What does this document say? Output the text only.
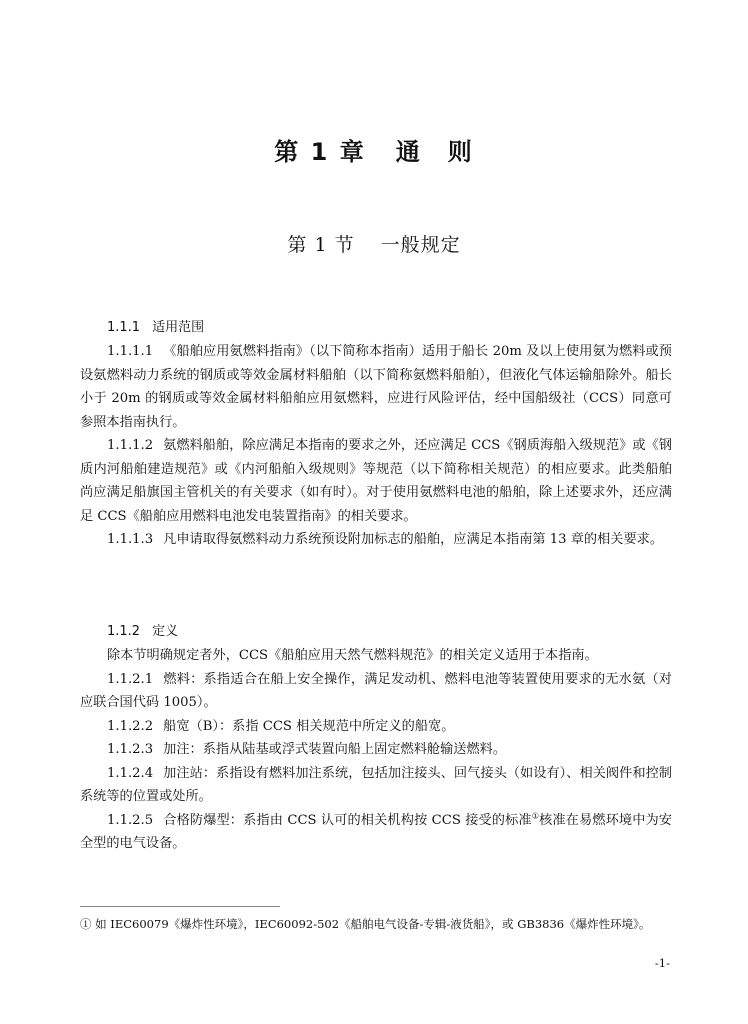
第 1 章 通　则
第 1 节 一般规定
1.1.1 适用范围

1.1.1.1 《船舶应用氨燃料指南》（以下简称本指南）适用于船长 20m 及以上使用氨为燃料或预设氨燃料动力系统的钢质或等效金属材料船舶（以下简称氨燃料船舶），但液化气体运输船除外。船长小于 20m 的钢质或等效金属材料船舶应用氨燃料，应进行风险评估，经中国船级社（CCS）同意可参照本指南执行。

1.1.1.2 氨燃料船舶，除应满足本指南的要求之外，还应满足 CCS《钢质海船入级规范》或《钢质内河船舶建造规范》或《内河船舶入级规则》等规范（以下简称相关规范）的相应要求。此类船舶尚应满足船旗国主管机关的有关要求（如有时）。对于使用氨燃料电池的船舶，除上述要求外，还应满足 CCS《船舶应用燃料电池发电装置指南》的相关要求。

1.1.1.3 凡申请取得氨燃料动力系统预设附加标志的船舶，应满足本指南第 13 章的相关要求。

1.1.2 定义

除本节明确规定者外，CCS《船舶应用天然气燃料规范》的相关定义适用于本指南。

1.1.2.1 燃料：系指适合在船上安全操作，满足发动机、燃料电池等装置使用要求的无水氨（对应联合国代码 1005）。

1.1.2.2 船宽（B）：系指 CCS 相关规范中所定义的船宽。

1.1.2.3 加注：系指从陆基或浮式装置向船上固定燃料舱输送燃料。

1.1.2.4 加注站：系指设有燃料加注系统，包括加注接头、回气接头（如设有）、相关阀件和控制系统等的位置或处所。

1.1.2.5 合格防爆型：系指由 CCS 认可的相关机构按 CCS 接受的标准①核准在易燃环境中为安全型的电气设备。

① 如 IEC60079《爆炸性环境》，IEC60092-502《船舶电气设备-专辑-液货船》，或 GB3836《爆炸性环境》。
-1-
